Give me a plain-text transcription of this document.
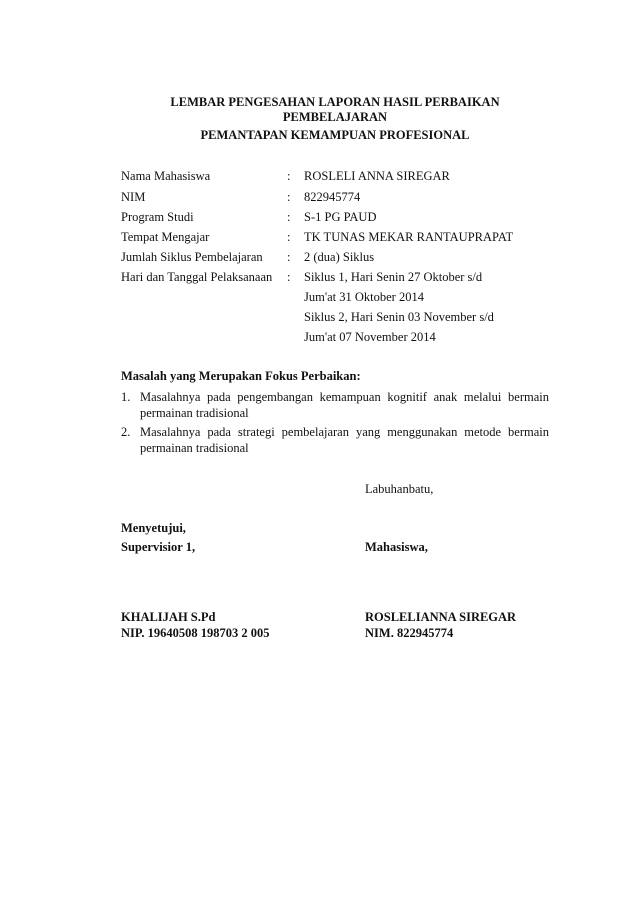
LEMBAR PENGESAHAN LAPORAN HASIL PERBAIKAN
PEMBELAJARAN
PEMANTAPAN KEMAMPUAN PROFESIONAL
Nama Mahasiswa	: ROSLELI ANNA SIREGAR
NIM	: 822945774
Program Studi	: S-1 PG PAUD
Tempat Mengajar	: TK TUNAS MEKAR RANTAUPRAPAT
Jumlah Siklus Pembelajaran : 2 (dua) Siklus
Hari dan Tanggal Pelaksanaan : Siklus 1, Hari Senin 27 Oktober s/d
Jum'at 31 Oktober 2014
Siklus 2, Hari Senin 03 November s/d
Jum'at 07 November 2014
Masalah yang Merupakan Fokus Perbaikan:
1. Masalahnya pada pengembangan kemampuan kognitif anak melalui bermain permainan tradisional
2. Masalahnya pada strategi pembelajaran yang menggunakan metode bermain permainan tradisional
Labuhanbatu,
Menyetujui,
Supervisior 1,	Mahasiswa,
KHALIJAH S.Pd
NIP. 19640508 198703 2 005
ROSLELIANNA SIREGAR
NIM. 822945774
